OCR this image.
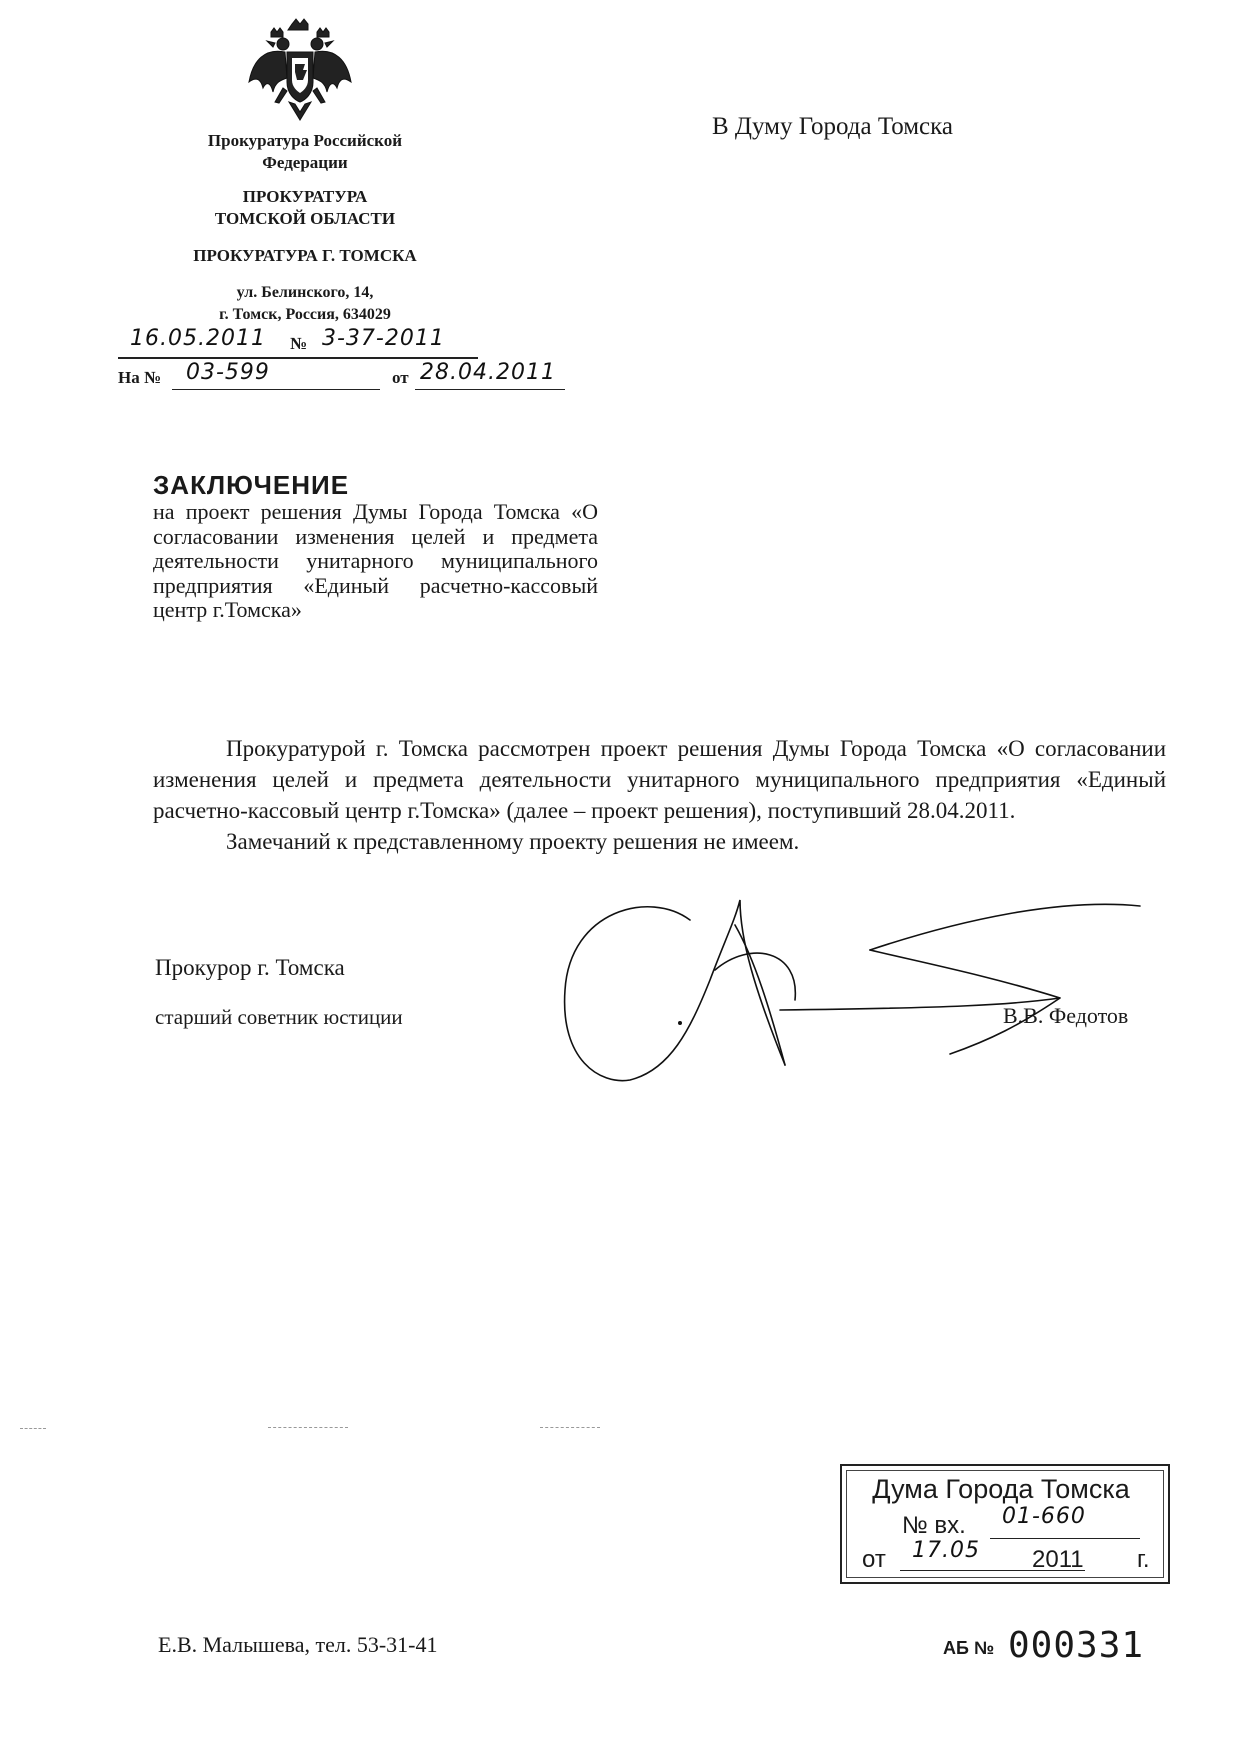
Прокуратура Российской
Федерации
ПРОКУРАТУРА
ТОМСКОЙ ОБЛАСТИ
ПРОКУРАТУРА Г. ТОМСКА
ул. Белинского, 14,
г. Томск, Россия, 634029
16.05.2011 № 3-37-2011
На № 03-599	от 28.04.2011
В Думу Города Томска
ЗАКЛЮЧЕНИЕ
на проект решения Думы Города Томска «О согласовании изменения целей и предмета деятельности унитарного муниципального предприятия «Единый расчетно-кассовый центр г.Томска»

Прокуратурой г. Томска рассмотрен проект решения Думы Города Томска «О согласовании изменения целей и предмета деятельности унитарного муниципального предприятия «Единый расчетно-кассовый центр г.Томска» (далее – проект решения), поступивший 28.04.2011.

Замечаний к представленному проекту решения не имеем.

Прокурор г. Томска
старший советник юстиции	В.В. Федотов
Дума Города Томска
№ вх. 01-660
от 17.05 2011 г.
Е.В. Малышева, тел. 53-31-41	АБ № 000331
